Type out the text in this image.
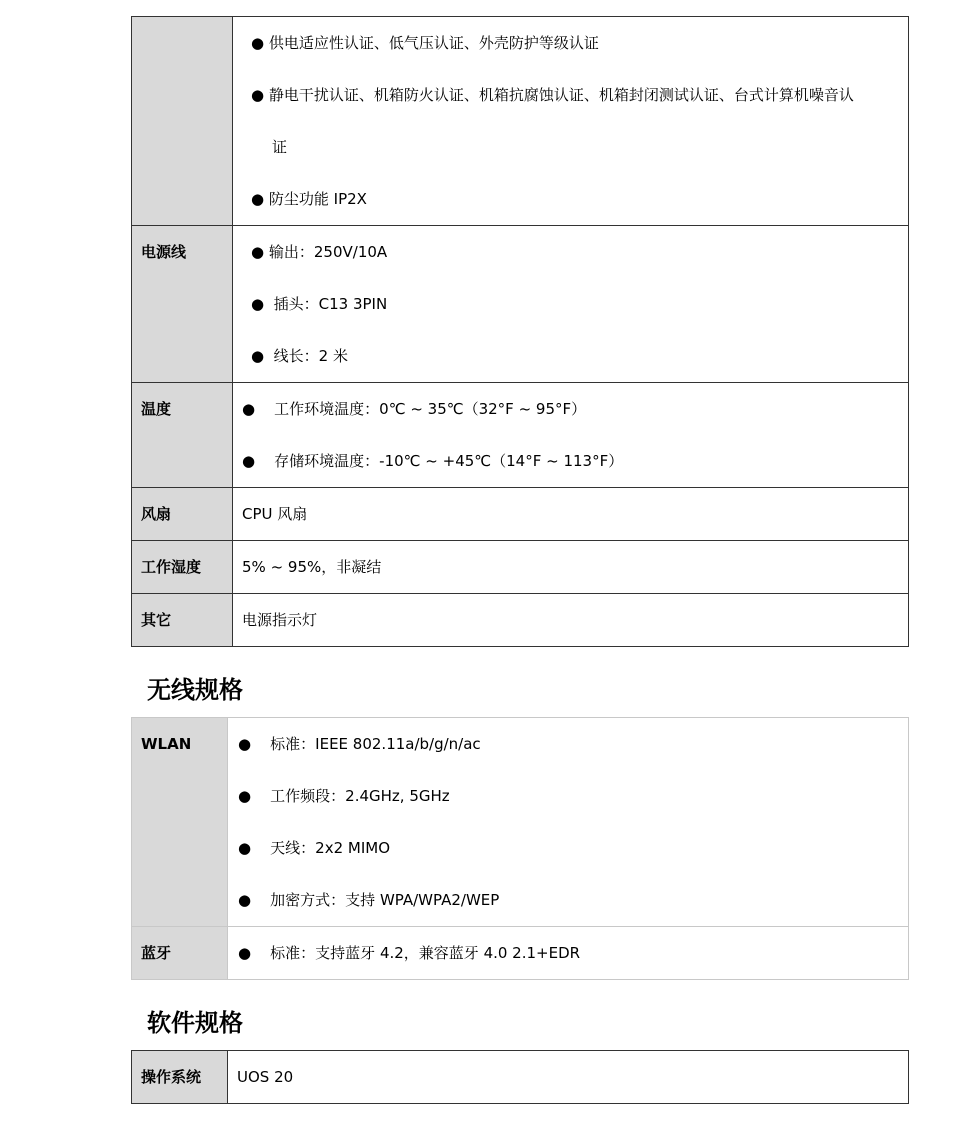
	● 供电适应性认证、低气压认证、外壳防护等级认证
● 静电干扰认证、机箱防火认证、机箱抗腐蚀认证、机箱封闭测试认证、台式计算机噪音认
证
● 防尘功能 IP2X

电源线	● 输出：250V/10A
● 插头：C13 3PIN
● 线长：2 米

温度	● 工作环境温度：0℃ ~ 35℃（32°F ~ 95°F）
● 存储环境温度：-10℃ ~ +45℃（14°F ~ 113°F）

风扇	CPU 风扇

工作湿度	5% ~ 95%，非凝结

其它	电源指示灯
无线规格
WLAN	● 标准：IEEE 802.11a/b/g/n/ac
● 工作频段：2.4GHz, 5GHz
● 天线：2x2 MIMO
● 加密方式：支持 WPA/WPA2/WEP

蓝牙	● 标准：支持蓝牙 4.2，兼容蓝牙 4.0 2.1+EDR
软件规格
操作系统	UOS 20
